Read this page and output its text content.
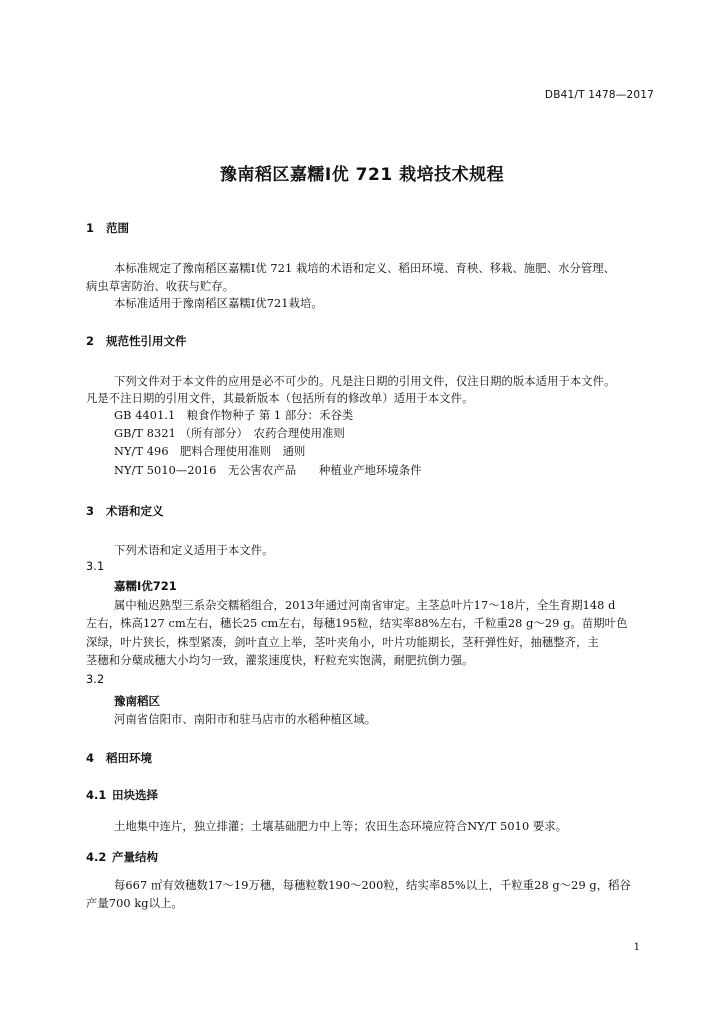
DB41/T 1478—2017
豫南稻区嘉糯Ⅰ优 721 栽培技术规程
1 范围
本标准规定了豫南稻区嘉糯Ⅰ优 721 栽培的术语和定义、稻田环境、育秧、移栽、施肥、水分管理、
病虫草害防治、收获与贮存。
本标准适用于豫南稻区嘉糯Ⅰ优721栽培。
2 规范性引用文件
下列文件对于本文件的应用是必不可少的。凡是注日期的引用文件，仅注日期的版本适用于本文件。
凡是不注日期的引用文件，其最新版本（包括所有的修改单）适用于本文件。
GB 4401.1　粮食作物种子 第 1 部分：禾谷类
GB/T 8321 （所有部分）　农药合理使用准则
NY/T 496　肥料合理使用准则　通则
NY/T 5010—2016　无公害农产品　　种植业产地环境条件
3 术语和定义
下列术语和定义适用于本文件。
3.1
嘉糯Ⅰ优721
属中籼迟熟型三系杂交糯稻组合，2013年通过河南省审定。主茎总叶片17～18片，全生育期148 d
左右，株高127 cm左右，穗长25 cm左右，每穗195粒，结实率88%左右，千粒重28 g～29 g。苗期叶色
深绿，叶片狭长，株型紧凑，剑叶直立上举，茎叶夹角小，叶片功能期长，茎秆弹性好，抽穗整齐，主
茎穗和分蘖成穗大小均匀一致，灌浆速度快，籽粒充实饱满，耐肥抗倒力强。
3.2
豫南稻区
河南省信阳市、南阳市和驻马店市的水稻种植区域。
4 稻田环境
4.1 田块选择
土地集中连片，独立排灌；土壤基础肥力中上等；农田生态环境应符合NY/T 5010 要求。
4.2 产量结构
每667 ㎡有效穗数17～19万穗，每穗粒数190～200粒，结实率85%以上，千粒重28 g～29 g，稻谷
产量700 kg以上。
1
